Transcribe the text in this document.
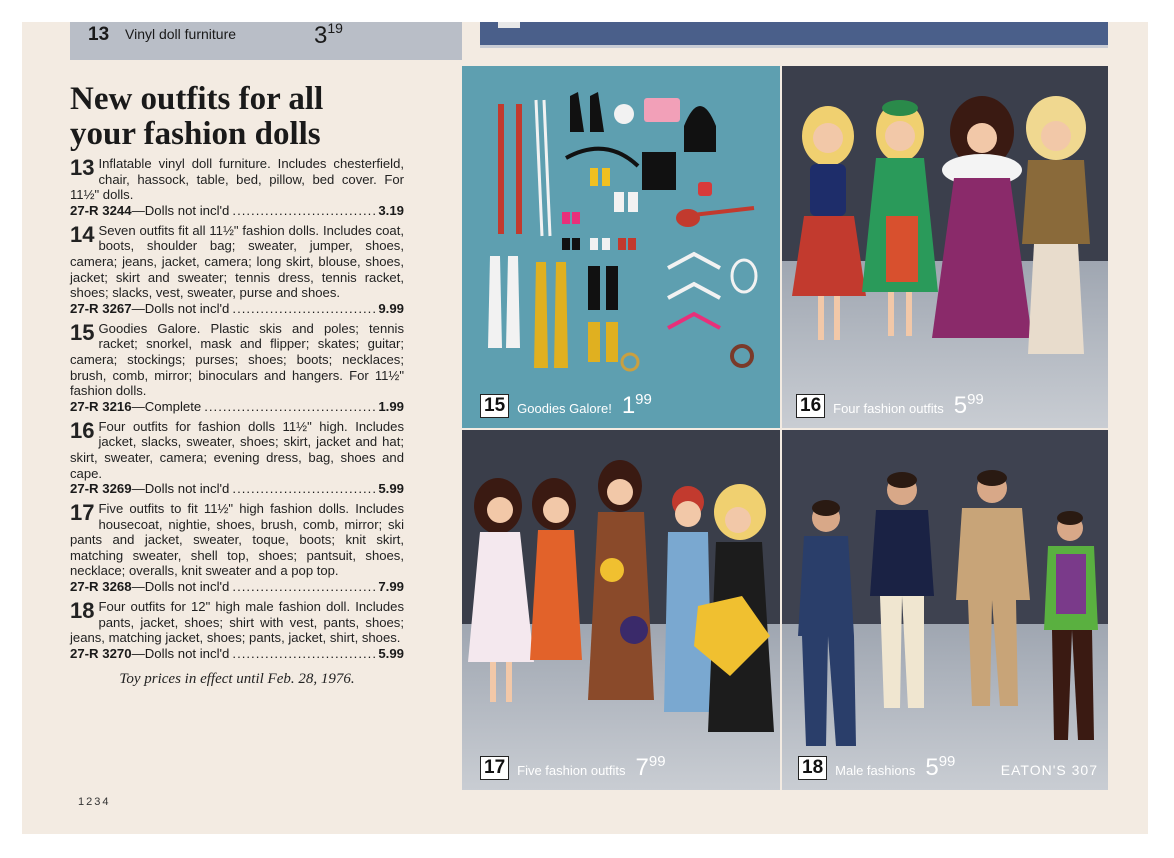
13 Vinyl doll furniture	$3^{19}$
New outfits for all
your fashion dolls

13 Inflatable vinyl doll furniture. Includes chesterfield, chair, hassock, table, bed, pillow, bed cover. For 11½" dolls.

27-R 3244 —Dolls not incl'd .....	3.19

14 Seven outfits fit all 11½" fashion dolls. Includes coat, boots, shoulder bag; sweater, jumper, shoes, camera; jeans, jacket, camera; long skirt, blouse, shoes, jacket; skirt and sweater; tennis dress, tennis racket, shoes; slacks, vest, sweater, purse and shoes.

27-R 3267 —Dolls not incl'd .....	9.99

15 Goodies Galore. Plastic skis and poles; tennis racket; snorkel, mask and flipper; skates; guitar; camera; stockings; purses; shoes; boots; necklaces; brush, comb, mirror; binoculars and hangers. For 11½" fashion dolls.

27-R 3216 —Complete .....	1.99

16 Four outfits for fashion dolls 11½" high. Includes jacket, slacks, sweater, shoes; skirt, jacket and hat; skirt, sweater, camera; evening dress, bag, shoes and cape.

27-R 3269 —Dolls not incl'd .....	5.99

17 Five outfits to fit 11½" high fashion dolls. Includes housecoat, nightie, shoes, brush, comb, mirror; ski pants and jacket, sweater, toque, boots; knit skirt, matching sweater, shell top, shoes; pantsuit, shoes, necklace; overalls, knit sweater and a pop top.

27-R 3268 —Dolls not incl'd .....	7.99

18 Four outfits for 12" high male fashion doll. Includes pants, jacket, shoes; shirt with vest, pants, shoes; jeans, matching jacket, shoes; pants, jacket, shirt, shoes.

27-R 3270 —Dolls not incl'd .....	5.99

Toy prices in effect until Feb. 28, 1976.

1234
15 Goodies Galore! $1^{99}$	16 Four fashion outfits $5^{99}$
17 Five fashion outfits $7^{99}$	18 Male fashions $5^{99}$	EATON'S 307
